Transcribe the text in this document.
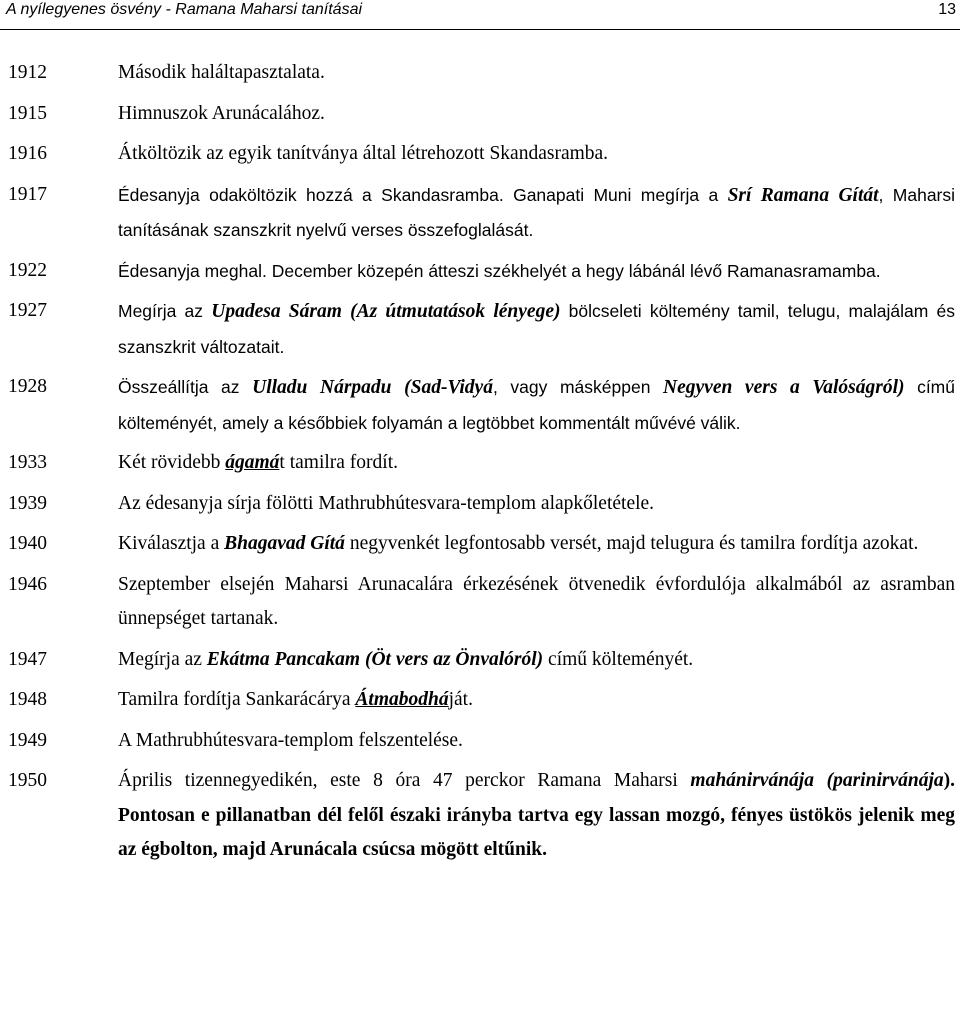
A nyílegyenes ösvény - Ramana Maharsi tanításai	13
1912	Második haláltapasztalata.
1915	Himnuszok Arunácalához.
1916	Átköltözik az egyik tanítványa által létrehozott Skandasramba.
1917	Édesanyja odaköltözik hozzá a Skandasramba. Ganapati Muni megírja a Srí Ramana Gítát, Maharsi tanításának szanszkrit nyelvű verses összefoglalását.
1922	Édesanyja meghal. December közepén átteszi székhelyét a hegy lábánál lévő Ramanasramamba.
1927	Megírja az Upadesa Sáram (Az útmutatások lényege) bölcseleti költemény tamil, telugu, malajálam és szanszkrit változatait.
1928	Összeállítja az Ulladu Nárpadu (Sad-Vidyá, vagy másképpen Negyven vers a Valóságról) című költeményét, amely a későbbiek folyamán a legtöbbet kommentált művévé válik.
1933	Két rövidebb ágamát tamilra fordít.
1939	Az édesanyja sírja fölötti Mathrubhútesvara-templom alapkőletétele.
1940	Kiválasztja a Bhagavad Gítá negyvenkét legfontosabb versét, majd telugura és tamilra fordítja azokat.
1946	Szeptember elsején Maharsi Arunacalára érkezésének ötvenedik évfordulója alkalmából az asramban ünnepséget tartanak.
1947	Megírja az Ekátma Pancakam (Öt vers az Önvalóról) című költeményét.
1948	Tamilra fordítja Sankarácárya Átmabodháját.
1949	A Mathrubhútesvara-templom felszentelése.
1950	Április tizennegyedikén, este 8 óra 47 perckor Ramana Maharsi mahánirvánája (parinirvánája). Pontosan e pillanatban dél felől északi irányba tartva egy lassan mozgó, fényes üstökös jelenik meg az égbolton, majd Arunácala csúcsa mögött eltűnik.
